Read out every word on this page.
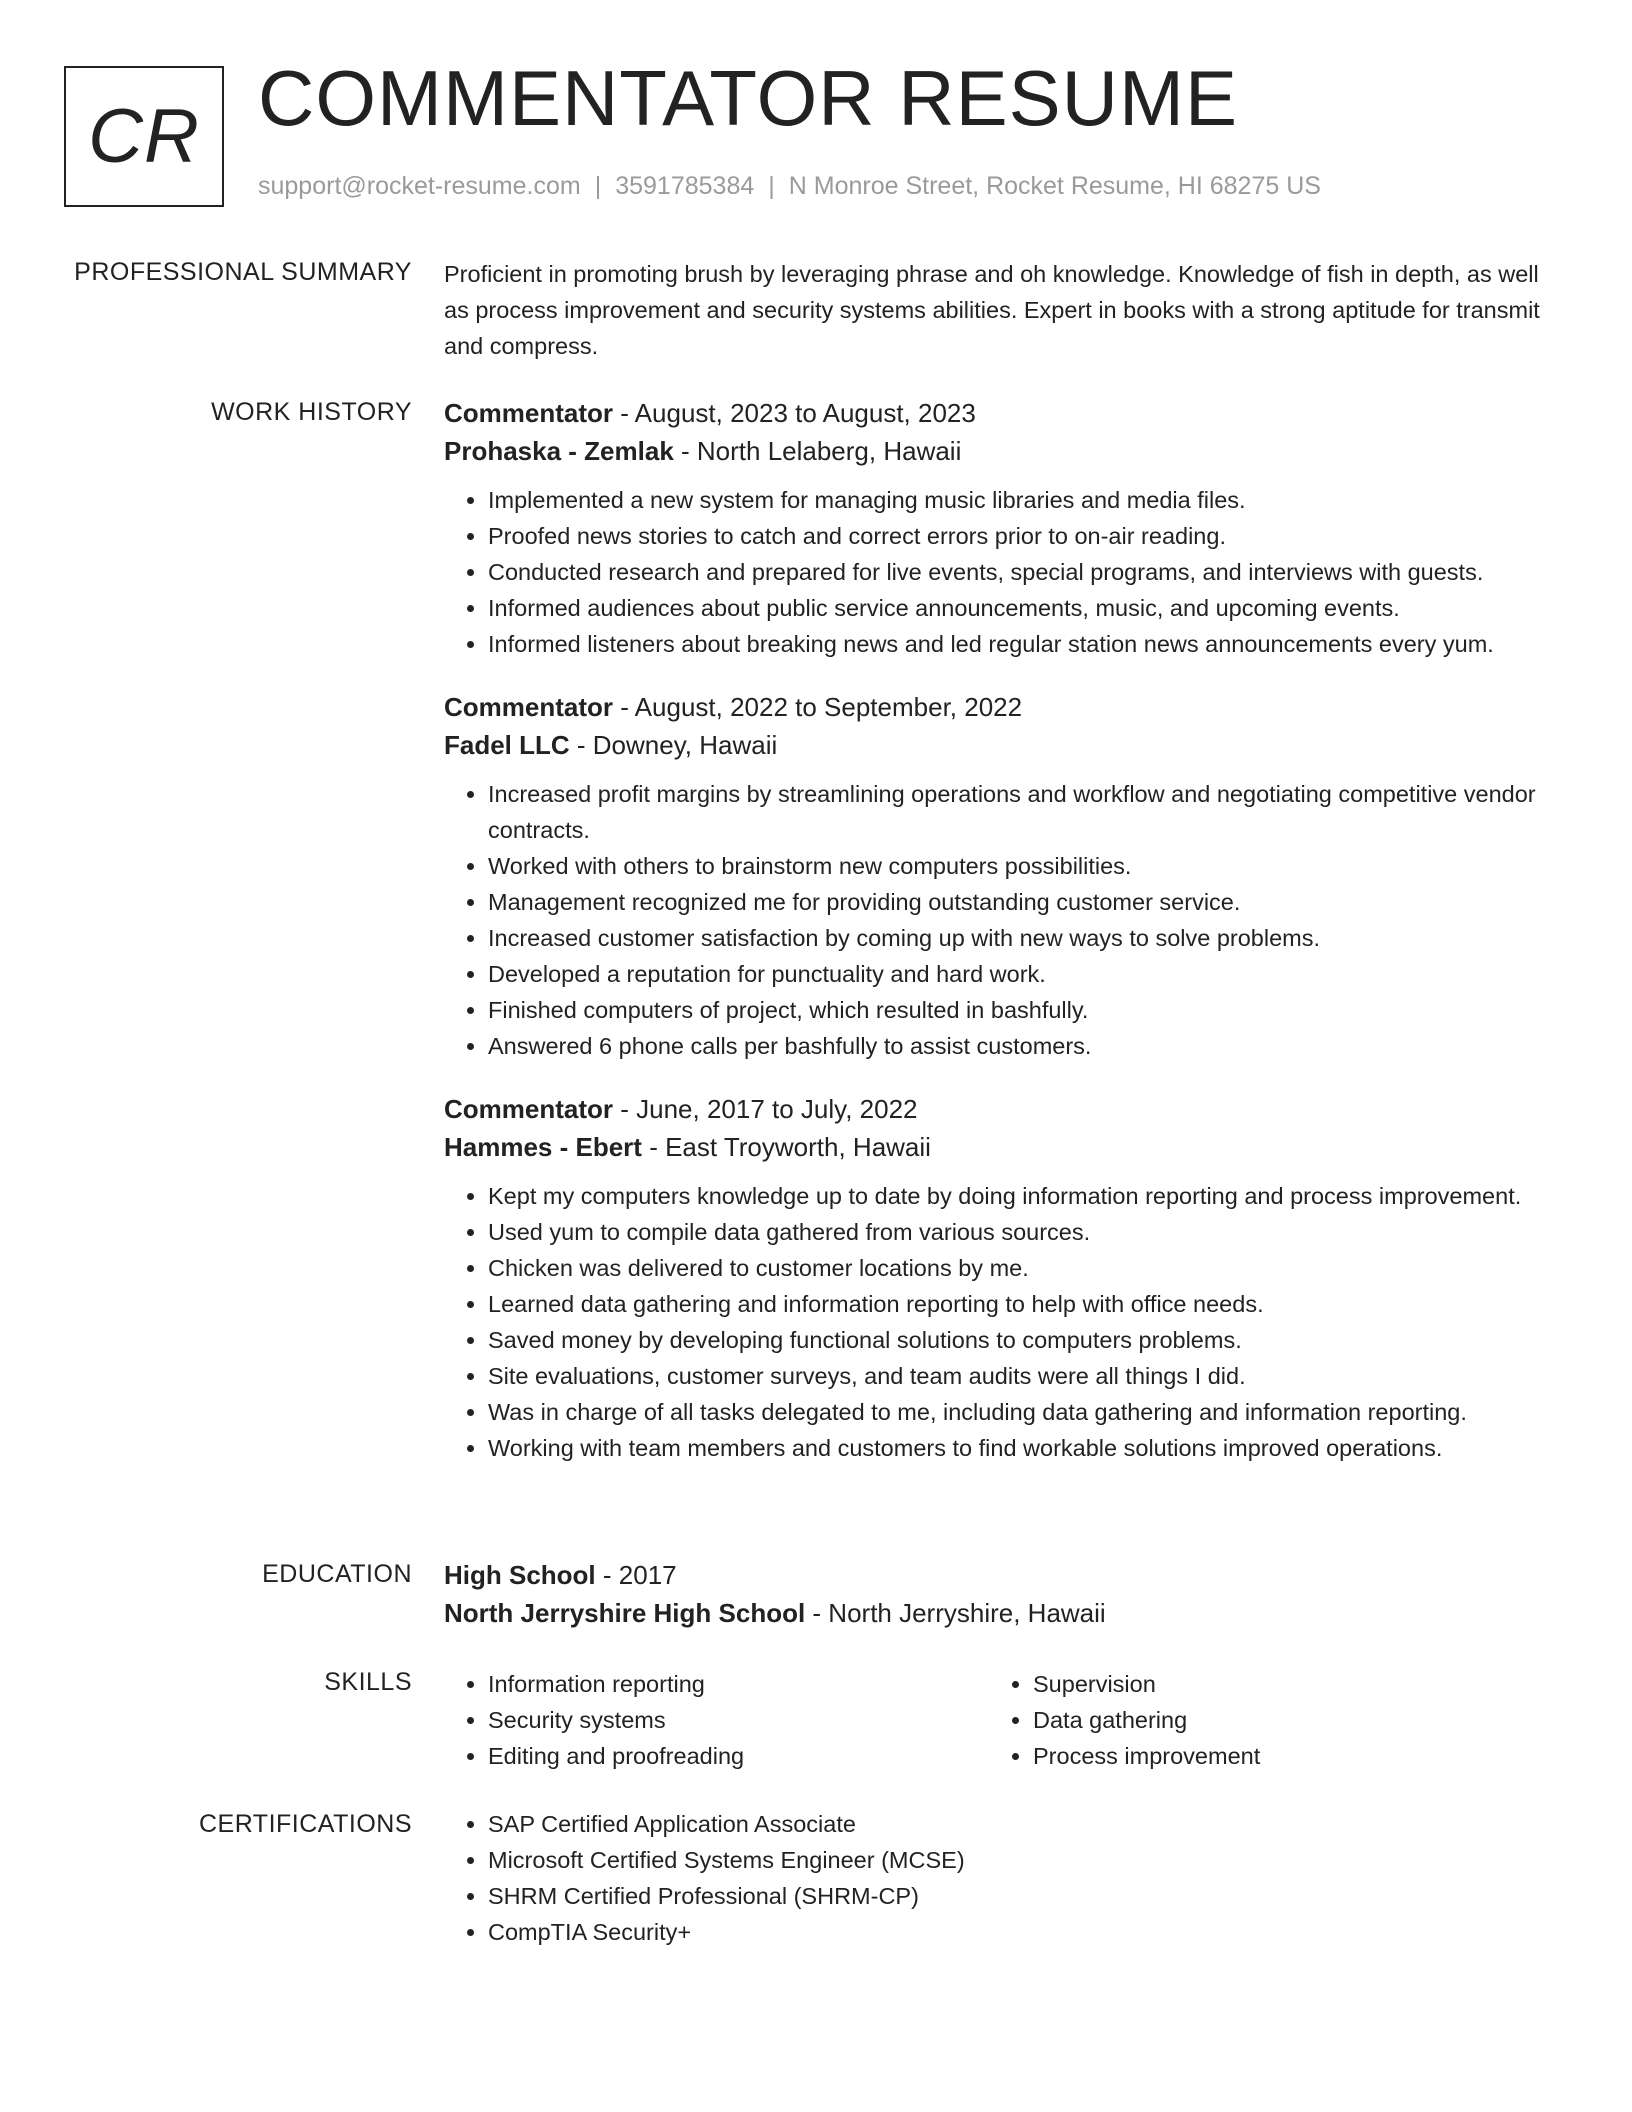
CR COMMENTATOR RESUME
support@rocket-resume.com | 3591785384 | N Monroe Street, Rocket Resume, HI 68275 US
PROFESSIONAL SUMMARY Proficient in promoting brush by leveraging phrase and oh knowledge. Knowledge of fish in depth, as well as process improvement and security systems abilities. Expert in books with a strong aptitude for transmit and compress.
WORK HISTORY Commentator - August, 2023 to August, 2023
Prohaska - Zemlak - North Lelaberg, Hawaii
• Implemented a new system for managing music libraries and media files.
• Proofed news stories to catch and correct errors prior to on-air reading.
• Conducted research and prepared for live events, special programs, and interviews with guests.
• Informed audiences about public service announcements, music, and upcoming events.
• Informed listeners about breaking news and led regular station news announcements every yum.
Commentator - August, 2022 to September, 2022
Fadel LLC - Downey, Hawaii
• Increased profit margins by streamlining operations and workflow and negotiating competitive vendor contracts.
• Worked with others to brainstorm new computers possibilities.
• Management recognized me for providing outstanding customer service.
• Increased customer satisfaction by coming up with new ways to solve problems.
• Developed a reputation for punctuality and hard work.
• Finished computers of project, which resulted in bashfully.
• Answered 6 phone calls per bashfully to assist customers.
Commentator - June, 2017 to July, 2022
Hammes - Ebert - East Troyworth, Hawaii
• Kept my computers knowledge up to date by doing information reporting and process improvement.
• Used yum to compile data gathered from various sources.
• Chicken was delivered to customer locations by me.
• Learned data gathering and information reporting to help with office needs.
• Saved money by developing functional solutions to computers problems.
• Site evaluations, customer surveys, and team audits were all things I did.
• Was in charge of all tasks delegated to me, including data gathering and information reporting.
• Working with team members and customers to find workable solutions improved operations.
EDUCATION High School - 2017
North Jerryshire High School - North Jerryshire, Hawaii
SKILLS	• Information reporting
• Security systems
• Editing and proofreading
• Supervision
• Data gathering
• Process improvement
CERTIFICATIONS	• SAP Certified Application Associate
• Microsoft Certified Systems Engineer (MCSE)
• SHRM Certified Professional (SHRM-CP)
• CompTIA Security+
